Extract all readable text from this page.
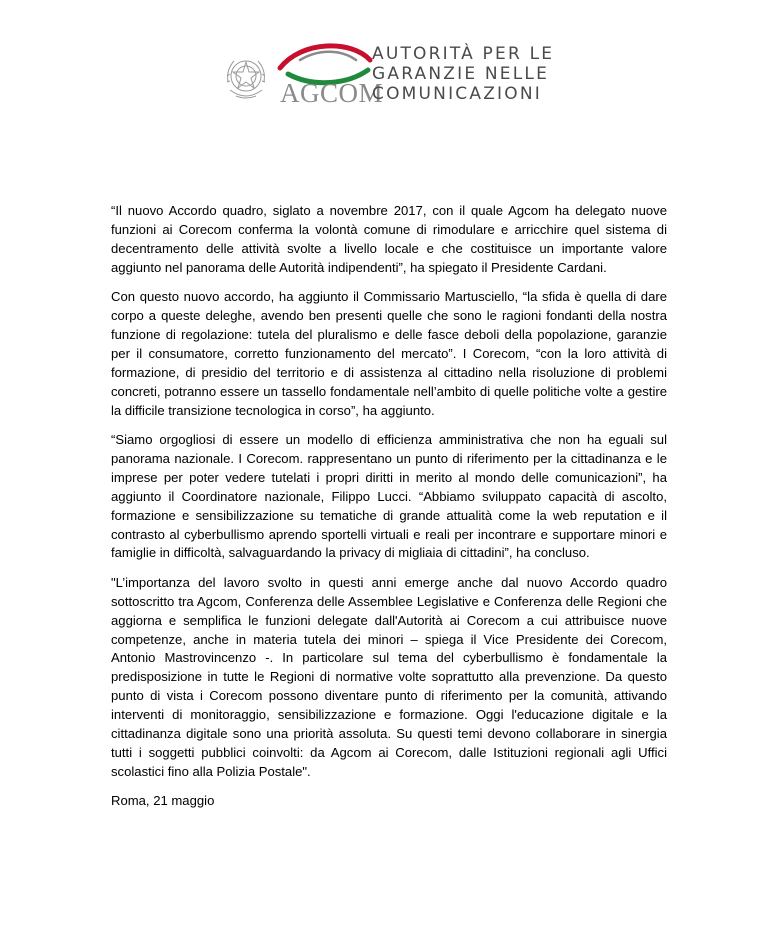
AGCOM
AUTORITÀ PER LE
GARANZIE NELLE
COMUNICAZIONI

“Il nuovo Accordo quadro, siglato a novembre 2017, con il quale Agcom ha delegato nuove funzioni ai Corecom conferma la volontà comune di rimodulare e arricchire quel sistema di decentramento delle attività svolte a livello locale e che costituisce un importante valore aggiunto nel panorama delle Autorità indipendenti”, ha spiegato il Presidente Cardani.

Con questo nuovo accordo, ha aggiunto il Commissario Martusciello, “la sfida è quella di dare corpo a queste deleghe, avendo ben presenti quelle che sono le ragioni fondanti della nostra funzione di regolazione: tutela del pluralismo e delle fasce deboli della popolazione, garanzie per il consumatore, corretto funzionamento del mercato”. I Corecom, “con la loro attività di formazione, di presidio del territorio e di assistenza al cittadino nella risoluzione di problemi concreti, potranno essere un tassello fondamentale nell’ambito di quelle politiche volte a gestire la difficile transizione tecnologica in corso”, ha aggiunto.

“Siamo orgogliosi di essere un modello di efficienza amministrativa che non ha eguali sul panorama nazionale. I Corecom. rappresentano un punto di riferimento per la cittadinanza e le imprese per poter vedere tutelati i propri diritti in merito al mondo delle comunicazioni”, ha aggiunto il Coordinatore nazionale, Filippo Lucci. “Abbiamo sviluppato capacità di ascolto, formazione e sensibilizzazione su tematiche di grande attualità come la web reputation e il contrasto al cyberbullismo aprendo sportelli virtuali e reali per incontrare e supportare minori e famiglie in difficoltà, salvaguardando la privacy di migliaia di cittadini”, ha concluso.

"L’importanza del lavoro svolto in questi anni emerge anche dal nuovo Accordo quadro sottoscritto tra Agcom, Conferenza delle Assemblee Legislative e Conferenza delle Regioni che aggiorna e semplifica le funzioni delegate dall'Autorità ai Corecom a cui attribuisce nuove competenze, anche in materia tutela dei minori – spiega il Vice Presidente dei Corecom, Antonio Mastrovincenzo -. In particolare sul tema del cyberbullismo è fondamentale la predisposizione in tutte le Regioni di normative volte soprattutto alla prevenzione. Da questo punto di vista i Corecom possono diventare punto di riferimento per la comunità, attivando interventi di monitoraggio, sensibilizzazione e formazione. Oggi l'educazione digitale e la cittadinanza digitale sono una priorità assoluta. Su questi temi devono collaborare in sinergia tutti i soggetti pubblici coinvolti: da Agcom ai Corecom, dalle Istituzioni regionali agli Uffici scolastici fino alla Polizia Postale".

Roma, 21 maggio
